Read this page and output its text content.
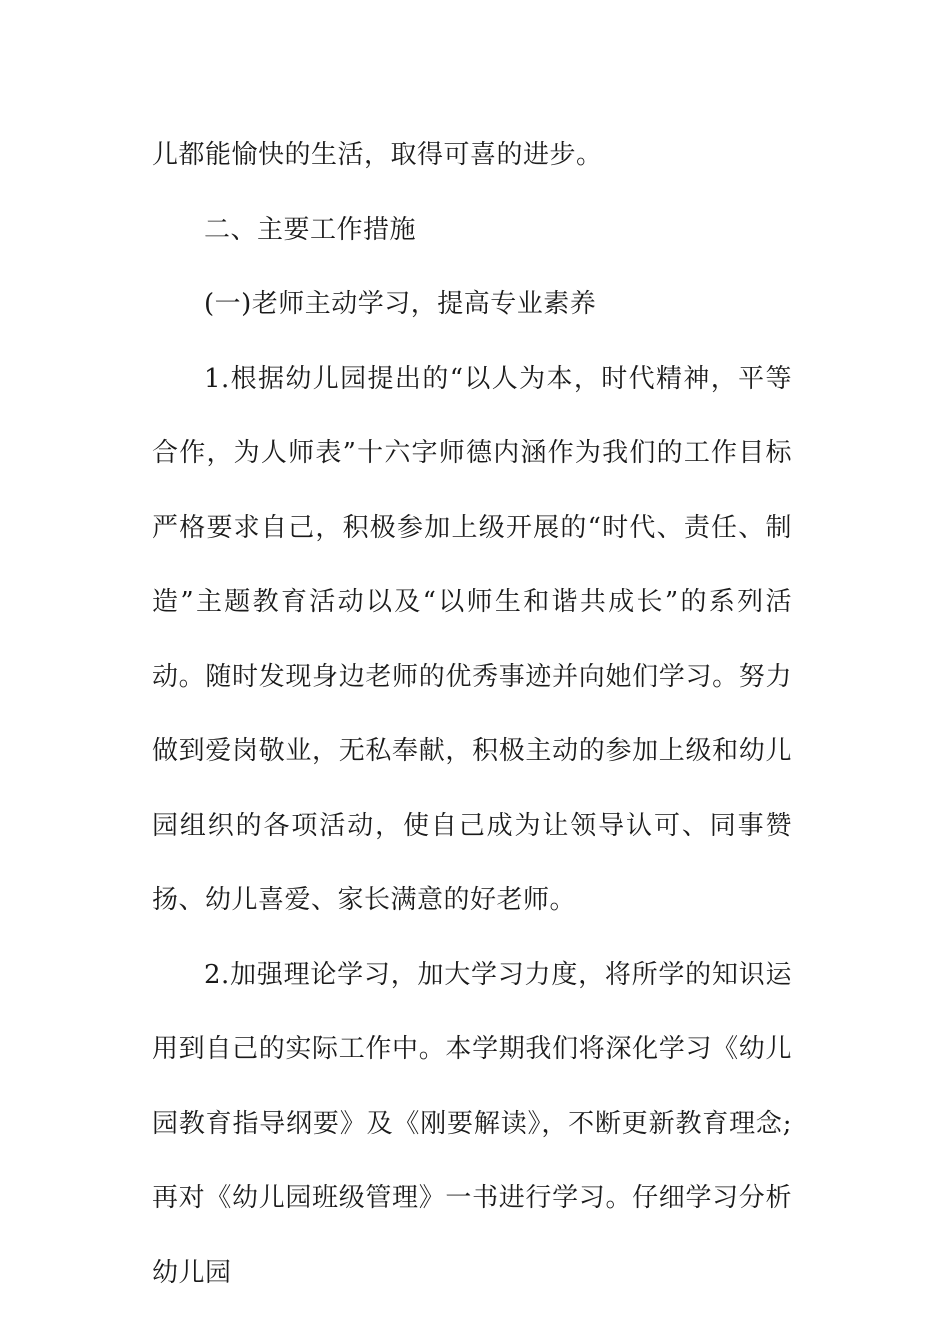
儿都能愉快的生活，取得可喜的进步。

二、主要工作措施

(一)老师主动学习，提高专业素养

1.根据幼儿园提出的“以人为本，时代精神，平等合作，为人师表”十六字师德内涵作为我们的工作目标严格要求自己，积极参加上级开展的“时代、责任、制造”主题教育活动以及“以师生和谐共成长”的系列活动。随时发现身边老师的优秀事迹并向她们学习。努力做到爱岗敬业，无私奉献，积极主动的参加上级和幼儿园组织的各项活动，使自己成为让领导认可、同事赞扬、幼儿喜爱、家长满意的好老师。

2.加强理论学习，加大学习力度，将所学的知识运用到自己的实际工作中。本学期我们将深化学习《幼儿园教育指导纲要》及《刚要解读》，不断更新教育理念;再对《幼儿园班级管理》一书进行学习。仔细学习分析幼儿园
